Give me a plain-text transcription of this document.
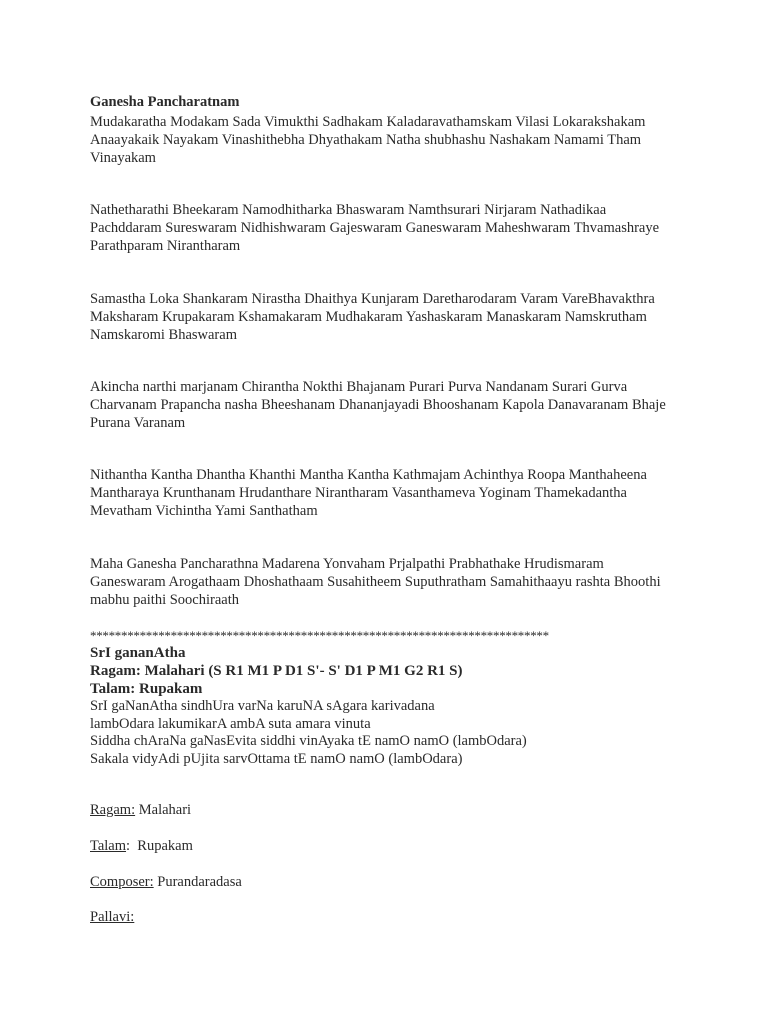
Ganesha Pancharatnam
Mudakaratha Modakam Sada Vimukthi Sadhakam Kaladaravathamskam Vilasi Lokarakshakam
Anaayakaik Nayakam Vinashithebha Dhyathakam Natha shubhashu Nashakam Namami Tham
Vinayakam
Nathetharathi Bheekaram Namodhitharka Bhaswaram Namthsurari Nirjaram Nathadikaa
Pachddaram Sureswaram Nidhishwaram Gajeswaram Ganeswaram Maheshwaram Thvamashraye
Parathparam Nirantharam
Samastha Loka Shankaram Nirastha Dhaithya Kunjaram Daretharodaram Varam VareBhavakthra
Maksharam Krupakaram Kshamakaram Mudhakaram Yashaskaram Manaskaram Namskrutham
Namskaromi Bhaswaram
Akincha narthi marjanam Chirantha Nokthi Bhajanam Purari Purva Nandanam Surari Gurva
Charvanam Prapancha nasha Bheeshanam Dhananjayadi Bhooshanam Kapola Danavaranam Bhaje
Purana Varanam
Nithantha Kantha Dhantha Khanthi Mantha Kantha Kathmajam Achinthya Roopa Manthaheena
Mantharaya Krunthanam Hrudanthare Nirantharam Vasanthameva Yoginam Thamekadantha
Mevatham Vichintha Yami Santhatham
Maha Ganesha Pancharathna Madarena Yonvaham Prjalpathi Prabhathake Hrudismaram
Ganeswaram Arogathaam Dhoshathaam Susahitheem Suputhratham Samahithaayu rashta Bhoothi
mabhu paithi Soochiraath
**************************************************************************
SrI gananAtha
Ragam: Malahari (S R1 M1 P D1 S'- S' D1 P M1 G2 R1 S)
Talam: Rupakam
SrI gaNanAtha sindhUra varNa karuNA sAgara karivadana
lambOdara lakumikarA ambA suta amara vinuta
Siddha chAraNa gaNasEvita siddhi vinAyaka tE namO namO (lambOdara)
Sakala vidyAdi pUjita sarvOttama tE namO namO (lambOdara)
Ragam: Malahari
Talam:  Rupakam
Composer: Purandaradasa
Pallavi:
